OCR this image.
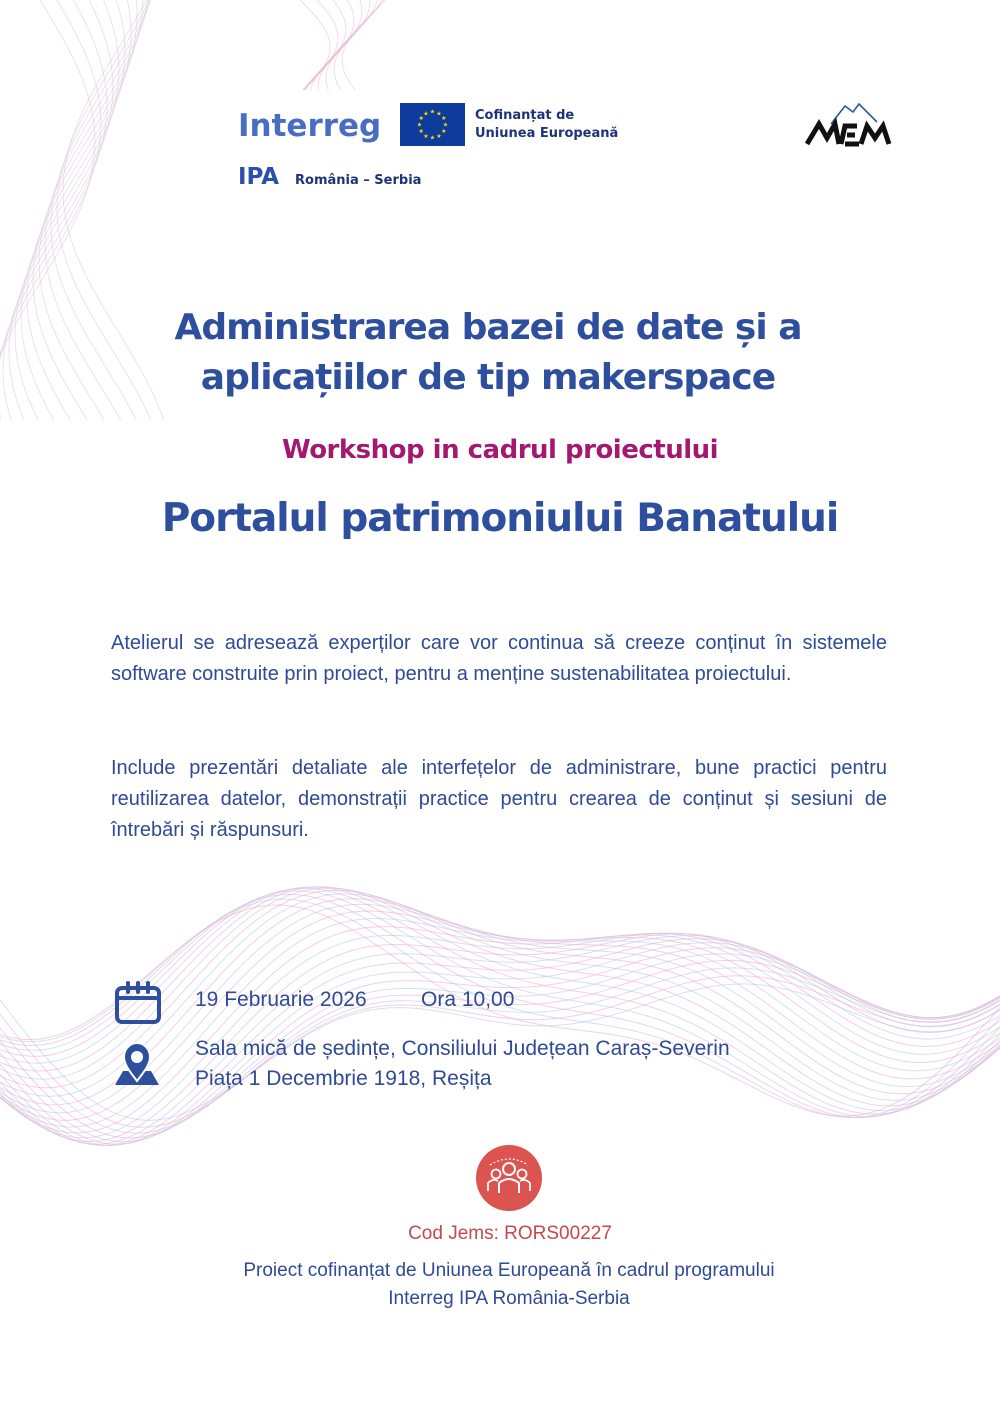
Interreg	★
★
★
★
★
★
★
★
★ ★ ★
★ Cofinanțat de
Uniunea Europeană
IPA România – Serbia
Administrarea bazei de date și a
aplicațiilor de tip makerspace
Workshop in cadrul proiectului
Portalul patrimoniului Banatului

Atelierul se adresează experților care vor continua să creeze conținut în sistemele software construite prin proiect, pentru a menține sustenabilitatea proiectului.

Include prezentări detaliate ale interfețelor de administrare, bune practici pentru reutilizarea datelor, demonstrații practice pentru crearea de conținut și sesiuni de întrebări și răspunsuri.

19 Februarie 2026	Ora 10,00
Sala mică de ședințe, Consiliului Județean Caraș-Severin
Piața 1 Decembrie 1918, Reșița

Cod Jems: RORS00227

Proiect cofinanțat de Uniunea Europeană în cadrul programului
Interreg IPA România-Serbia
